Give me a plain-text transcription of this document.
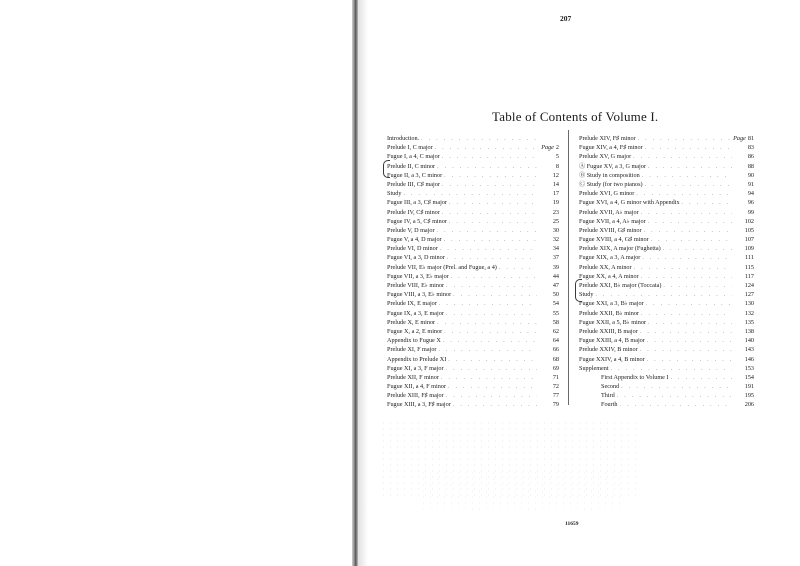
207
Table of Contents of Volume I.
Introduction.
. . .
Prelude I, C major . . .	Page 2
Fugue I, a 4, C major . . .	5
Prelude II, C minor . . .	8
Fugue II, a 3, C minor . . .	12
Prelude III, C♯ major . . .	14
Study . . .	17
Fugue III, a 3, C♯ major . . .	19
Prelude IV, C♯ minor . . .	23
Fugue IV, a 5, C♯ minor . . .	25
Prelude V, D major . . .	30
Fugue V, a 4, D major . . .	32
Prelude VI, D minor . . .	34
Fugue VI, a 3, D minor . . .	37
Prelude VII, E♭ major (Prel. and Fugue, a 4) . . .	39
Fugue VII, a 3, E♭ major . . .	44
Prelude VIII, E♭ minor . . .	47
Fugue VIII, a 3, E♭ minor . . .	50
Prelude IX, E major . . .	54
Fugue IX, a 3, E major . . .	55
Prelude X, E minor . . .	58
Fugue X, a 2, E minor . . .	62
Appendix to Fugue X . . .	64
Prelude XI, F major . . .	66
Appendix to Prelude XI . . .	68
Fugue XI, a 3, F major . . .	69
Prelude XII, F minor . . .	71
Fugue XII, a 4, F minor . . .	72
Prelude XIII, F♯ major . . .	77
Fugue XIII, a 3, F♯ major . . .	79
Prelude XIV, F♯ minor . . .	Page 81
Fugue XIV, a 4, F♯ minor . . .	83
Prelude XV, G major . . .	86
Ⓐ Fugue XV, a 3, G major . . .	88
Ⓑ Study in composition . . .	90
Ⓒ Study (for two pianos) . . .	91
Prelude XVI, G minor . . .	94
Fugue XVI, a 4, G minor with Appendix . . .	96
Prelude XVII, A♭ major . . .	99
Fugue XVII, a 4, A♭ major . . .	102
Prelude XVIII, G♯ minor . . .	105
Fugue XVIII, a 4, G♯ minor . . .	107
Prelude XIX, A major (Fughetta) . . .	109
Fugue XIX, a 3, A major . . .	111
Prelude XX, A minor . . .	115
Fugue XX, a 4, A minor . . .	117
Prelude XXI, B♭ major (Toccata) . . .	124
Study . . .	127
Fugue XXI, a 3, B♭ major . . .	130
Prelude XXII, B♭ minor . . .	132
Fugue XXII, a 5, B♭ minor . . .	135
Prelude XXIII, B major . . .	138
Fugue XXIII, a 4, B major . . .	140
Prelude XXIV, B minor . . .	143
Fugue XXIV, a 4, B minor . . .	146
Supplement . . .	153
First Appendix to Volume I . . .	154
Second . . .	191
Third . . .	195
Fourth . . .	206
11659
